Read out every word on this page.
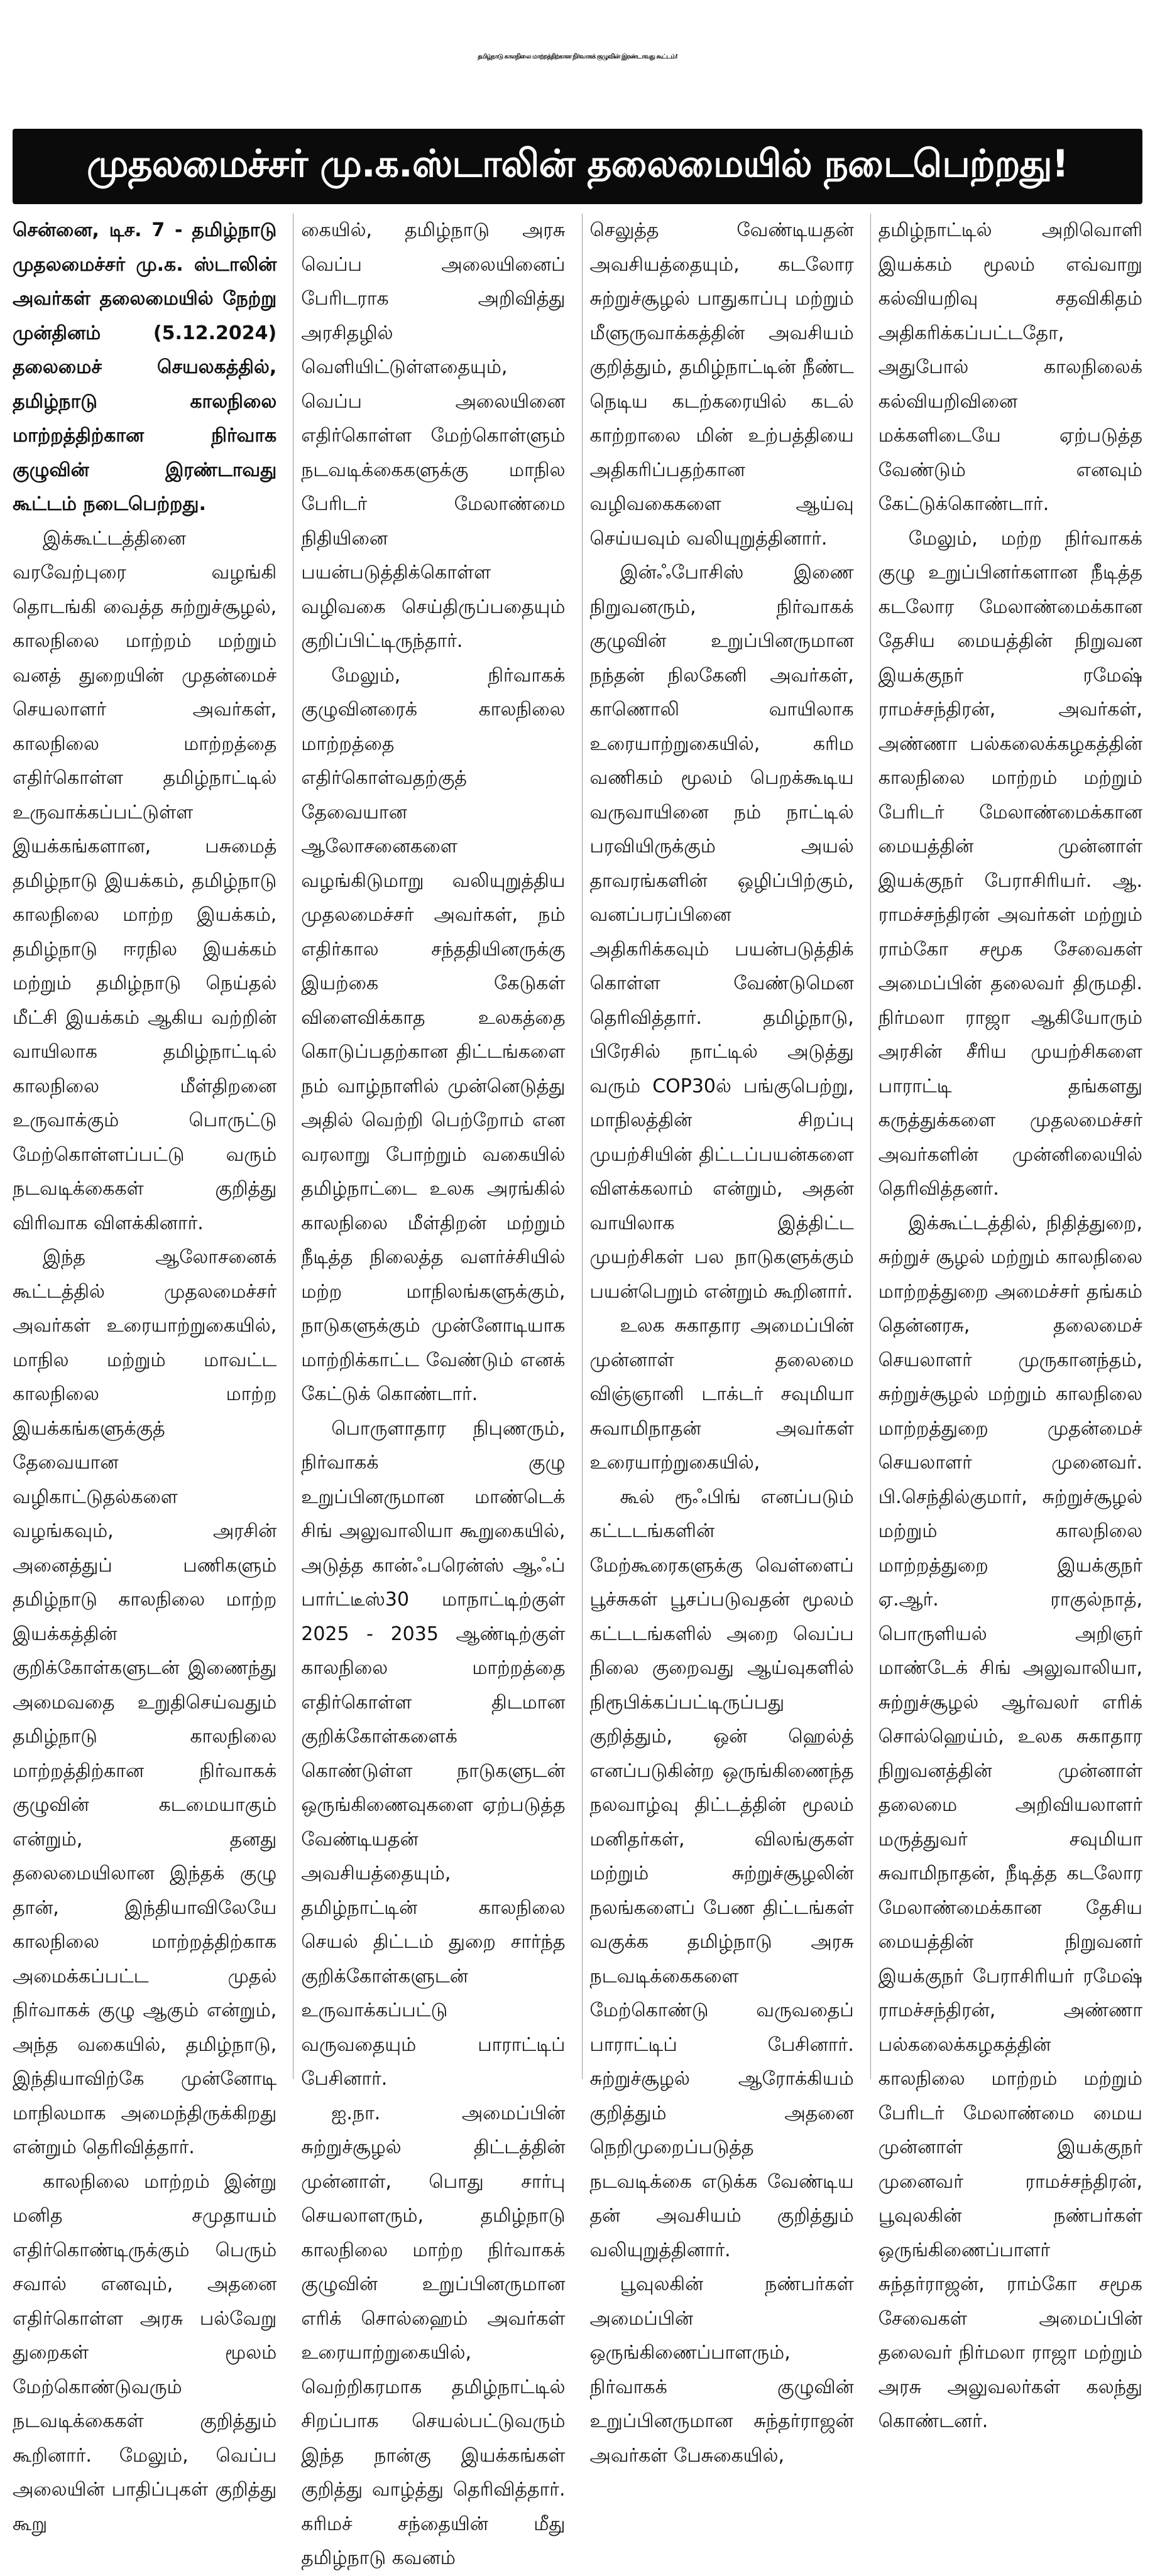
தமிழ்நாடு காலநிலை மாற்றத்திற்கான நிர்வாகக் குழுவின் இரண்டாவது கூட்டம்!
முதலமைச்சர் மு.க.ஸ்டாலின் தலைமையில் நடைபெற்றது!

சென்னை, டிச. 7 - தமிழ்நாடு முதலமைச்சர் மு.க. ஸ்டாலின் அவர்கள் தலைமையில் நேற்று முன்தினம் (5.12.2024) தலைமைச் செயலகத்தில், தமிழ்நாடு காலநிலை மாற்றத்திற்கான நிர்வாக குழுவின் இரண்டாவது கூட்டம் நடைபெற்றது.

இக்கூட்டத்தினை வரவேற்புரை வழங்கி தொடங்கி வைத்த சுற்றுச்சூழல், காலநிலை மாற்றம் மற்றும் வனத் துறையின் முதன்மைச் செயலாளர் அவர்கள், காலநிலை மாற்றத்தை எதிர்கொள்ள தமிழ்நாட்டில் உருவாக்கப்பட்டுள்ள இயக்கங்களான, பசுமைத் தமிழ்நாடு இயக்கம், தமிழ்நாடு காலநிலை மாற்ற இயக்கம், தமிழ்நாடு ஈரநில இயக்கம் மற்றும் தமிழ்நாடு நெய்தல் மீட்சி இயக்கம் ஆகிய வற்றின் வாயிலாக தமிழ்நாட்டில் காலநிலை மீள்திறனை உருவாக்கும் பொருட்டு மேற்கொள்ளப்பட்டு வரும் நடவடிக்கைகள் குறித்து விரிவாக விளக்கினார்.

இந்த ஆலோசனைக் கூட்டத்தில் முதலமைச்சர் அவர்கள் உரையாற்றுகையில், மாநில மற்றும் மாவட்ட காலநிலை மாற்ற இயக்கங்களுக்குத் தேவையான வழிகாட்டுதல்களை வழங்கவும், அரசின் அனைத்துப் பணிகளும் தமிழ்நாடு காலநிலை மாற்ற இயக்கத்தின் குறிக்கோள்களுடன் இணைந்து அமைவதை உறுதிசெய்வதும் தமிழ்நாடு காலநிலை மாற்றத்திற்கான நிர்வாகக் குழுவின் கடமையாகும் என்றும், தனது தலைமையிலான இந்தக் குழு தான், இந்தியாவிலேயே காலநிலை மாற்றத்திற்காக அமைக்கப்பட்ட முதல் நிர்வாகக் குழு ஆகும் என்றும், அந்த வகையில், தமிழ்நாடு, இந்தியாவிற்கே முன்னோடி மாநிலமாக அமைந்திருக்கிறது என்றும் தெரிவித்தார்.

காலநிலை மாற்றம் இன்று மனித சமுதாயம் எதிர்கொண்டிருக்கும் பெரும் சவால் எனவும், அதனை எதிர்கொள்ள அரசு பல்வேறு துறைகள் மூலம் மேற்கொண்டுவரும் நடவடிக்கைகள் குறித்தும் கூறினார். மேலும், வெப்ப அலையின் பாதிப்புகள் குறித்து கூறு

கையில், தமிழ்நாடு அரசு வெப்ப அலையினைப் பேரிடராக அறிவித்து அரசிதழில் வெளியிட்டுள்ளதையும், வெப்ப அலையினை எதிர்கொள்ள மேற்கொள்ளும் நடவடிக்கைகளுக்கு மாநில பேரிடர் மேலாண்மை நிதியினை பயன்படுத்திக்கொள்ள வழிவகை செய்திருப்பதையும் குறிப்பிட்டிருந்தார்.

மேலும், நிர்வாகக் குழுவினரைக் காலநிலை மாற்றத்தை எதிர்கொள்வதற்குத் தேவையான ஆலோசனைகளை வழங்கிடுமாறு வலியுறுத்திய முதலமைச்சர் அவர்கள், நம் எதிர்கால சந்ததியினருக்கு இயற்கை கேடுகள் விளைவிக்காத உலகத்தை கொடுப்பதற்கான திட்டங்களை நம் வாழ்நாளில் முன்னெடுத்து அதில் வெற்றி பெற்றோம் என வரலாறு போற்றும் வகையில் தமிழ்நாட்டை உலக அரங்கில் காலநிலை மீள்திறன் மற்றும் நீடித்த நிலைத்த வளர்ச்சியில் மற்ற மாநிலங்களுக்கும், நாடுகளுக்கும் முன்னோடியாக மாற்றிக்காட்ட வேண்டும் எனக் கேட்டுக் கொண்டார்.

பொருளாதார நிபுணரும், நிர்வாகக் குழு உறுப்பினருமான மாண்டெக் சிங் அலுவாலியா கூறுகையில், அடுத்த கான்ஃபரென்ஸ் ஆஃப் பார்ட்டீஸ்30 மாநாட்டிற்குள் 2025 - 2035 ஆண்டிற்குள் காலநிலை மாற்றத்தை எதிர்கொள்ள திடமான குறிக்கோள்களைக் கொண்டுள்ள நாடுகளுடன் ஒருங்கிணைவுகளை ஏற்படுத்த வேண்டியதன் அவசியத்தையும், தமிழ்நாட்டின் காலநிலை செயல் திட்டம் துறை சார்ந்த குறிக்கோள்களுடன் உருவாக்கப்பட்டு வருவதையும் பாராட்டிப் பேசினார்.

ஐ.நா. அமைப்பின் சுற்றுச்சூழல் திட்டத்தின் முன்னாள், பொது சார்பு செயலாளரும், தமிழ்நாடு காலநிலை மாற்ற நிர்வாகக் குழுவின் உறுப்பினருமான எரிக் சொல்ஹைம் அவர்கள் உரையாற்றுகையில், வெற்றிகரமாக தமிழ்நாட்டில் சிறப்பாக செயல்பட்டுவரும் இந்த நான்கு இயக்கங்கள் குறித்து வாழ்த்து தெரிவித்தார். கரிமச் சந்தையின் மீது தமிழ்நாடு கவனம்

செலுத்த வேண்டியதன் அவசியத்தையும், கடலோர சுற்றுச்சூழல் பாதுகாப்பு மற்றும் மீளுருவாக்கத்தின் அவசியம் குறித்தும், தமிழ்நாட்டின் நீண்ட நெடிய கடற்கரையில் கடல் காற்றாலை மின் உற்பத்தியை அதிகரிப்பதற்கான வழிவகைகளை ஆய்வு செய்யவும் வலியுறுத்தினார்.

இன்ஃபோசிஸ் இணை நிறுவனரும், நிர்வாகக் குழுவின் உறுப்பினருமான நந்தன் நிலகேனி அவர்கள், காணொலி வாயிலாக உரையாற்றுகையில், கரிம வணிகம் மூலம் பெறக்கூடிய வருவாயினை நம் நாட்டில் பரவியிருக்கும் அயல் தாவரங்களின் ஒழிப்பிற்கும், வனப்பரப்பினை அதிகரிக்கவும் பயன்படுத்திக் கொள்ள வேண்டுமென தெரிவித்தார். தமிழ்நாடு, பிரேசில் நாட்டில் அடுத்து வரும் COP30ல் பங்குபெற்று, மாநிலத்தின் சிறப்பு முயற்சியின் திட்டப்பயன்களை விளக்கலாம் என்றும், அதன் வாயிலாக இத்திட்ட முயற்சிகள் பல நாடுகளுக்கும் பயன்பெறும் என்றும் கூறினார்.

உலக சுகாதார அமைப்பின் முன்னாள் தலைமை விஞ்ஞானி டாக்டர் சவுமியா சுவாமிநாதன் அவர்கள் உரையாற்றுகையில்,

கூல் ரூஃபிங் எனப்படும் கட்டடங்களின் மேற்கூரைகளுக்கு வெள்ளைப் பூச்சுகள் பூசப்படுவதன் மூலம் கட்டடங்களில் அறை வெப்ப நிலை குறைவது ஆய்வுகளில் நிரூபிக்கப்பட்டிருப்பது குறித்தும், ஒன் ஹெல்த் எனப்படுகின்ற ஒருங்கிணைந்த நலவாழ்வு திட்டத்தின் மூலம் மனிதர்கள், விலங்குகள் மற்றும் சுற்றுச்சூழலின் நலங்களைப் பேண திட்டங்கள் வகுக்க தமிழ்நாடு அரசு நடவடிக்கைகளை மேற்கொண்டு வருவதைப் பாராட்டிப் பேசினார். சுற்றுச்சூழல் ஆரோக்கியம் குறித்தும் அதனை நெறிமுறைப்படுத்த நடவடிக்கை எடுக்க வேண்டிய தன் அவசியம் குறித்தும் வலியுறுத்தினார்.

பூவுலகின் நண்பர்கள் அமைப்பின் ஒருங்கிணைப்பாளரும், நிர்வாகக் குழுவின் உறுப்பினருமான சுந்தர்ராஜன் அவர்கள் பேசுகையில்,

தமிழ்நாட்டில் அறிவொளி இயக்கம் மூலம் எவ்வாறு கல்வியறிவு சதவிகிதம் அதிகரிக்கப்பட்டதோ, அதுபோல் காலநிலைக் கல்வியறிவினை மக்களிடையே ஏற்படுத்த வேண்டும் எனவும் கேட்டுக்கொண்டார்.

மேலும், மற்ற நிர்வாகக் குழு உறுப்பினர்களான நீடித்த கடலோர மேலாண்மைக்கான தேசிய மையத்தின் நிறுவன இயக்குநர் ரமேஷ் ராமச்சந்திரன், அவர்கள், அண்ணா பல்கலைக்கழகத்தின் காலநிலை மாற்றம் மற்றும் பேரிடர் மேலாண்மைக்கான மையத்தின் முன்னாள் இயக்குநர் பேராசிரியர். ஆ. ராமச்சந்திரன் அவர்கள் மற்றும் ராம்கோ சமூக சேவைகள் அமைப்பின் தலைவர் திருமதி. நிர்மலா ராஜா ஆகியோரும் அரசின் சீரிய முயற்சிகளை பாராட்டி தங்களது கருத்துக்களை முதலமைச்சர் அவர்களின் முன்னிலையில் தெரிவித்தனர்.

இக்கூட்டத்தில், நிதித்துறை, சுற்றுச் சூழல் மற்றும் காலநிலை மாற்றத்துறை அமைச்சர் தங்கம் தென்னரசு, தலைமைச் செயலாளர் முருகானந்தம், சுற்றுச்சூழல் மற்றும் காலநிலை மாற்றத்துறை முதன்மைச் செயலாளர் முனைவர். பி.செந்தில்குமார், சுற்றுச்சூழல் மற்றும் காலநிலை மாற்றத்துறை இயக்குநர் ஏ.ஆர். ராகுல்நாத், பொருளியல் அறிஞர் மாண்டேக் சிங் அலுவாலியா, சுற்றுச்சூழல் ஆர்வலர் எரிக் சொல்ஹெய்ம், உலக சுகாதார நிறுவனத்தின் முன்னாள் தலைமை அறிவியலாளர் மருத்துவர் சவுமியா சுவாமிநாதன், நீடித்த கடலோர மேலாண்மைக்கான தேசிய மையத்தின் நிறுவனர் இயக்குநர் பேராசிரியர் ரமேஷ் ராமச்சந்திரன், அண்ணா பல்கலைக்கழகத்தின் காலநிலை மாற்றம் மற்றும் பேரிடர் மேலாண்மை மைய முன்னாள் இயக்குநர் முனைவர் ராமச்சந்திரன், பூவுலகின் நண்பர்கள் ஒருங்கிணைப்பாளர் சுந்தர்ராஜன், ராம்கோ சமூக சேவைகள் அமைப்பின் தலைவர் நிர்மலா ராஜா மற்றும் அரசு அலுவலர்கள் கலந்து கொண்டனர்.
